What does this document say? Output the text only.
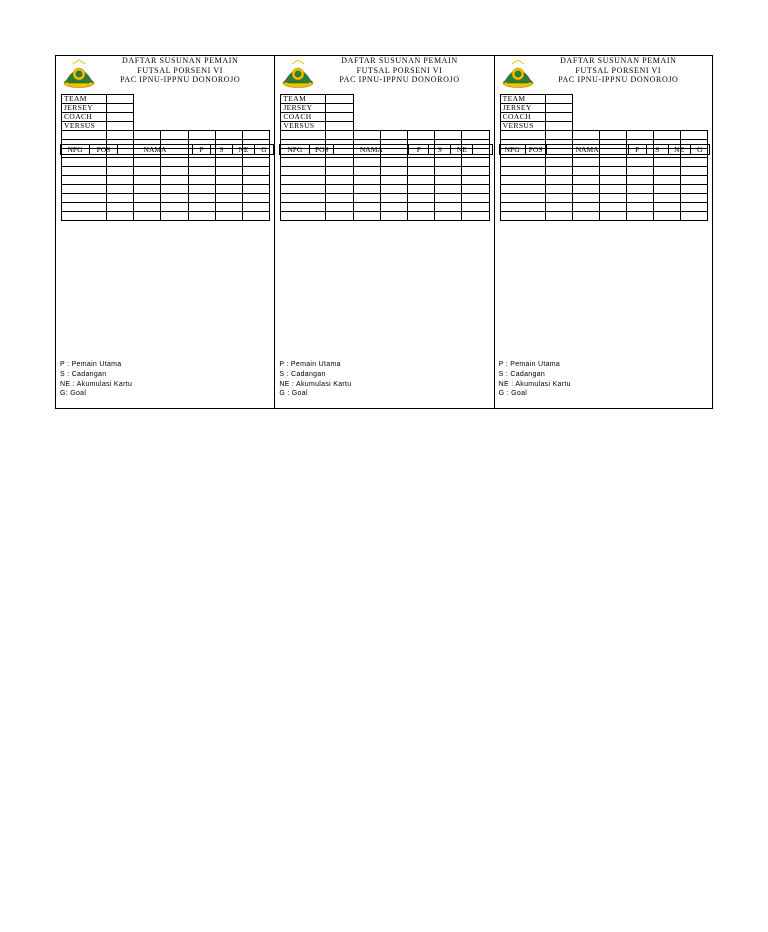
DAFTAR SUSUNAN PEMAIN
FUTSAL PORSENI VI
PAC IPNU-IPPNU DONOROJO
TEAM						
JERSEY						
COACH						
VERSUS						

NPG	POS	NAMA	P	S	NE	G
P : Pemain Utama
S : Cadangan
NE : Akumulasi Kartu
G: Goal
DAFTAR SUSUNAN PEMAIN
FUTSAL PORSENI VI
PAC IPNU-IPPNU DONOROJO
TEAM						
JERSEY						
COACH						
VERSUS						

NPG	POS	NAMA	P	S	NE	
P : Pemain Utama
S : Cadangan
NE : Akumulasi Kartu
G : Goal
DAFTAR SUSUNAN PEMAIN
FUTSAL PORSENI VI
PAC IPNU-IPPNU DONOROJO
TEAM						
JERSEY						
COACH						
VERSUS						

NPG	POS	NAMA	P	S	NE	G
P : Pemain Utama
S : Cadangan
NE : Akumulasi Kartu
G : Goal
